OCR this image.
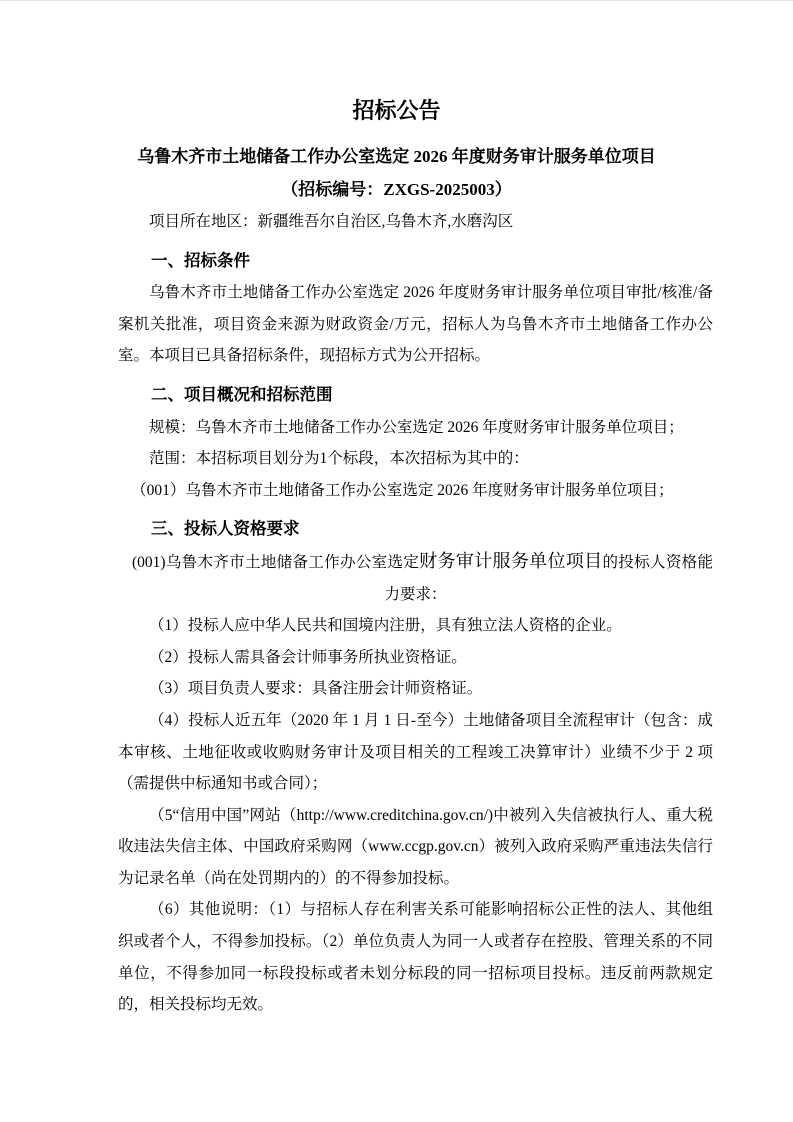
招标公告
乌鲁木齐市土地储备工作办公室选定 2026 年度财务审计服务单位项目
（招标编号：ZXGS-2025003）

项目所在地区：新疆维吾尔自治区,乌鲁木齐,水磨沟区

一、招标条件

乌鲁木齐市土地储备工作办公室选定 2026 年度财务审计服务单位项目审批/核准/备案机关批准，项目资金来源为财政资金/万元，招标人为乌鲁木齐市土地储备工作办公室。本项目已具备招标条件，现招标方式为公开招标。

二、项目概况和招标范围

规模：乌鲁木齐市土地储备工作办公室选定 2026 年度财务审计服务单位项目；

范围：本招标项目划分为1个标段，本次招标为其中的：

（001）乌鲁木齐市土地储备工作办公室选定 2026 年度财务审计服务单位项目；

三、投标人资格要求

(001)乌鲁木齐市土地储备工作办公室选定财务审计服务单位项目的投标人资格能力要求：

（1）投标人应中华人民共和国境内注册，具有独立法人资格的企业。

（2）投标人需具备会计师事务所执业资格证。

（3）项目负责人要求：具备注册会计师资格证。

（4）投标人近五年（2020 年 1 月 1 日-至今）土地储备项目全流程审计（包含：成本审核、土地征收或收购财务审计及项目相关的工程竣工决算审计）业绩不少于 2 项（需提供中标通知书或合同）；

（5“信用中国”网站（http://www.creditchina.gov.cn/)中被列入失信被执行人、重大税收违法失信主体、中国政府采购网（www.ccgp.gov.cn）被列入政府采购严重违法失信行为记录名单（尚在处罚期内的）的不得参加投标。

（6）其他说明：（1）与招标人存在利害关系可能影响招标公正性的法人、其他组织或者个人，不得参加投标。（2）单位负责人为同一人或者存在控股、管理关系的不同单位，不得参加同一标段投标或者未划分标段的同一招标项目投标。违反前两款规定的，相关投标均无效。
